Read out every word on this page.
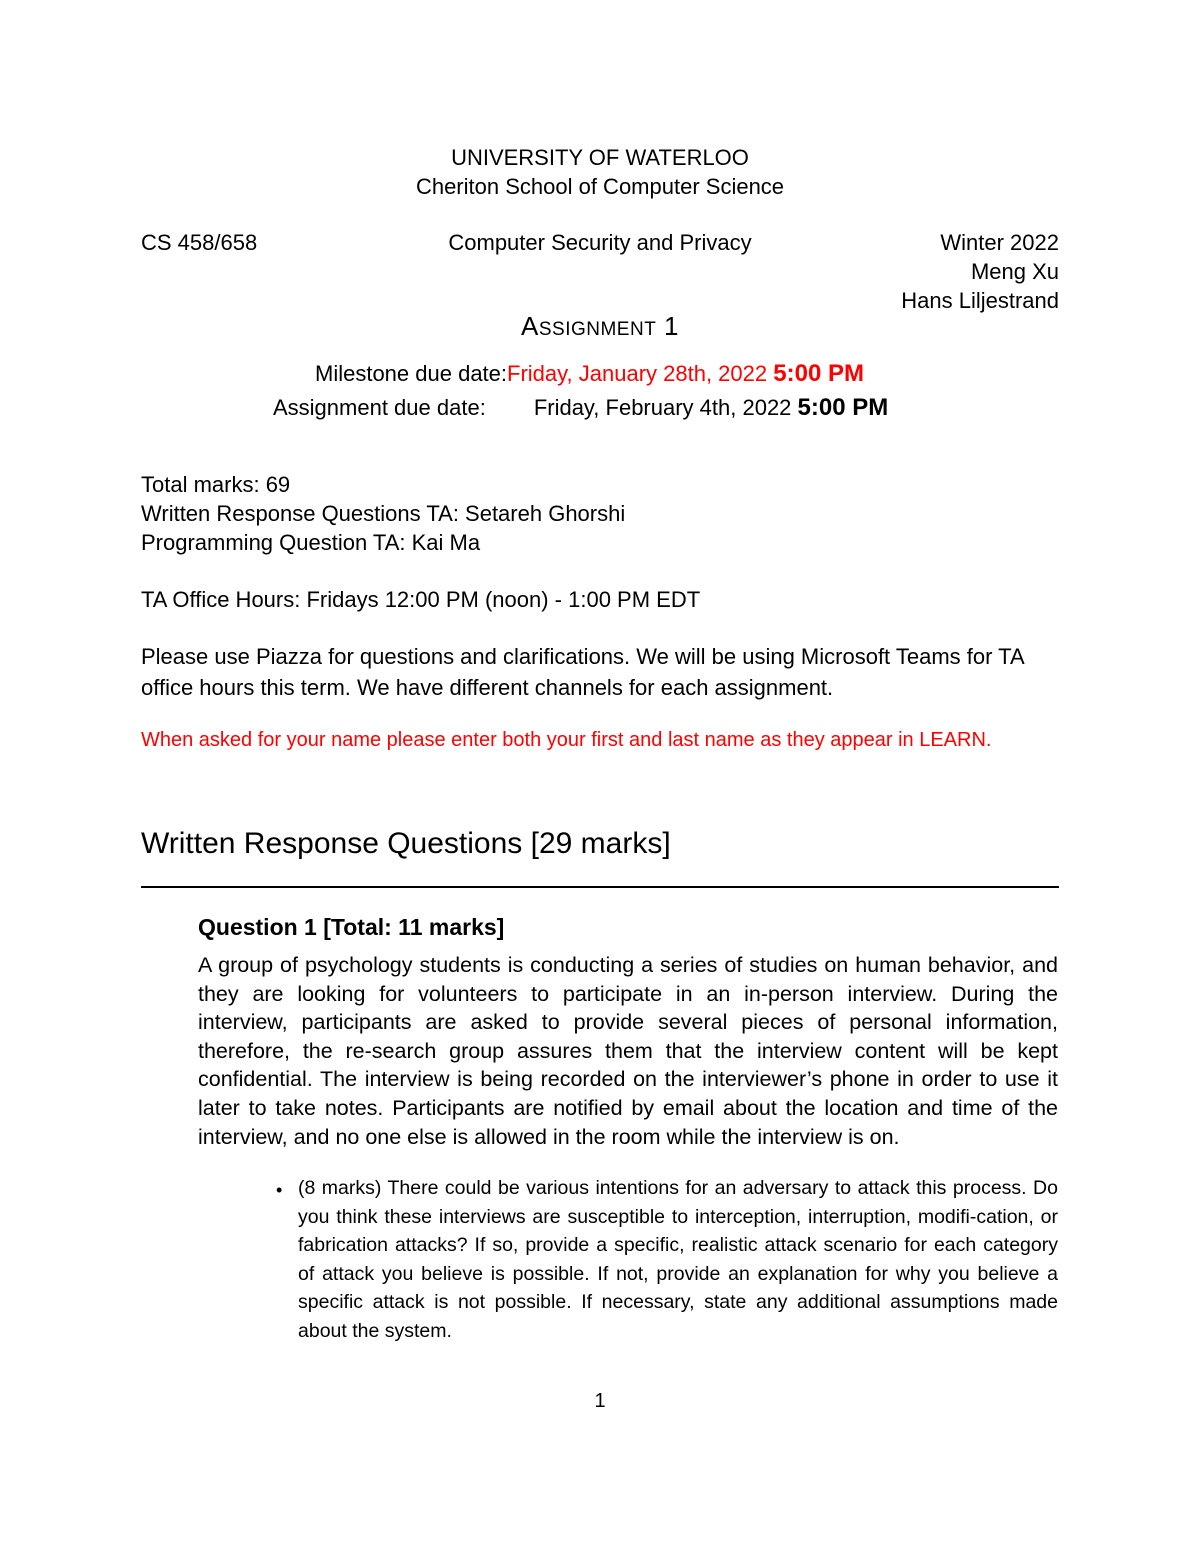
UNIVERSITY OF WATERLOO
Cheriton School of Computer Science
CS 458/658	Computer Security and Privacy	Winter 2022
Meng Xu
Hans Liljestrand
ASSIGNMENT 1
Milestone due date:Friday, January 28th, 2022 5:00 PM
Assignment due date: Friday, February 4th, 2022 5:00 PM
Total marks: 69
Written Response Questions TA: Setareh Ghorshi
Programming Question TA: Kai Ma
TA Office Hours: Fridays 12:00 PM (noon) - 1:00 PM EDT
Please use Piazza for questions and clarifications. We will be using Microsoft Teams for TA office hours this term. We have different channels for each assignment.
When asked for your name please enter both your first and last name as they appear in LEARN.
Written Response Questions [29 marks]
Question 1 [Total: 11 marks]
A group of psychology students is conducting a series of studies on human behavior, and they are looking for volunteers to participate in an in-person interview. During the interview, participants are asked to provide several pieces of personal information, therefore, the re-search group assures them that the interview content will be kept confidential. The interview is being recorded on the interviewer’s phone in order to use it later to take notes. Participants are notified by email about the location and time of the interview, and no one else is allowed in the room while the interview is on.
• (8 marks) There could be various intentions for an adversary to attack this process. Do you think these interviews are susceptible to interception, interruption, modifi-cation, or fabrication attacks? If so, provide a specific, realistic attack scenario for each category of attack you believe is possible. If not, provide an explanation for why you believe a specific attack is not possible. If necessary, state any additional assumptions made about the system.
1
